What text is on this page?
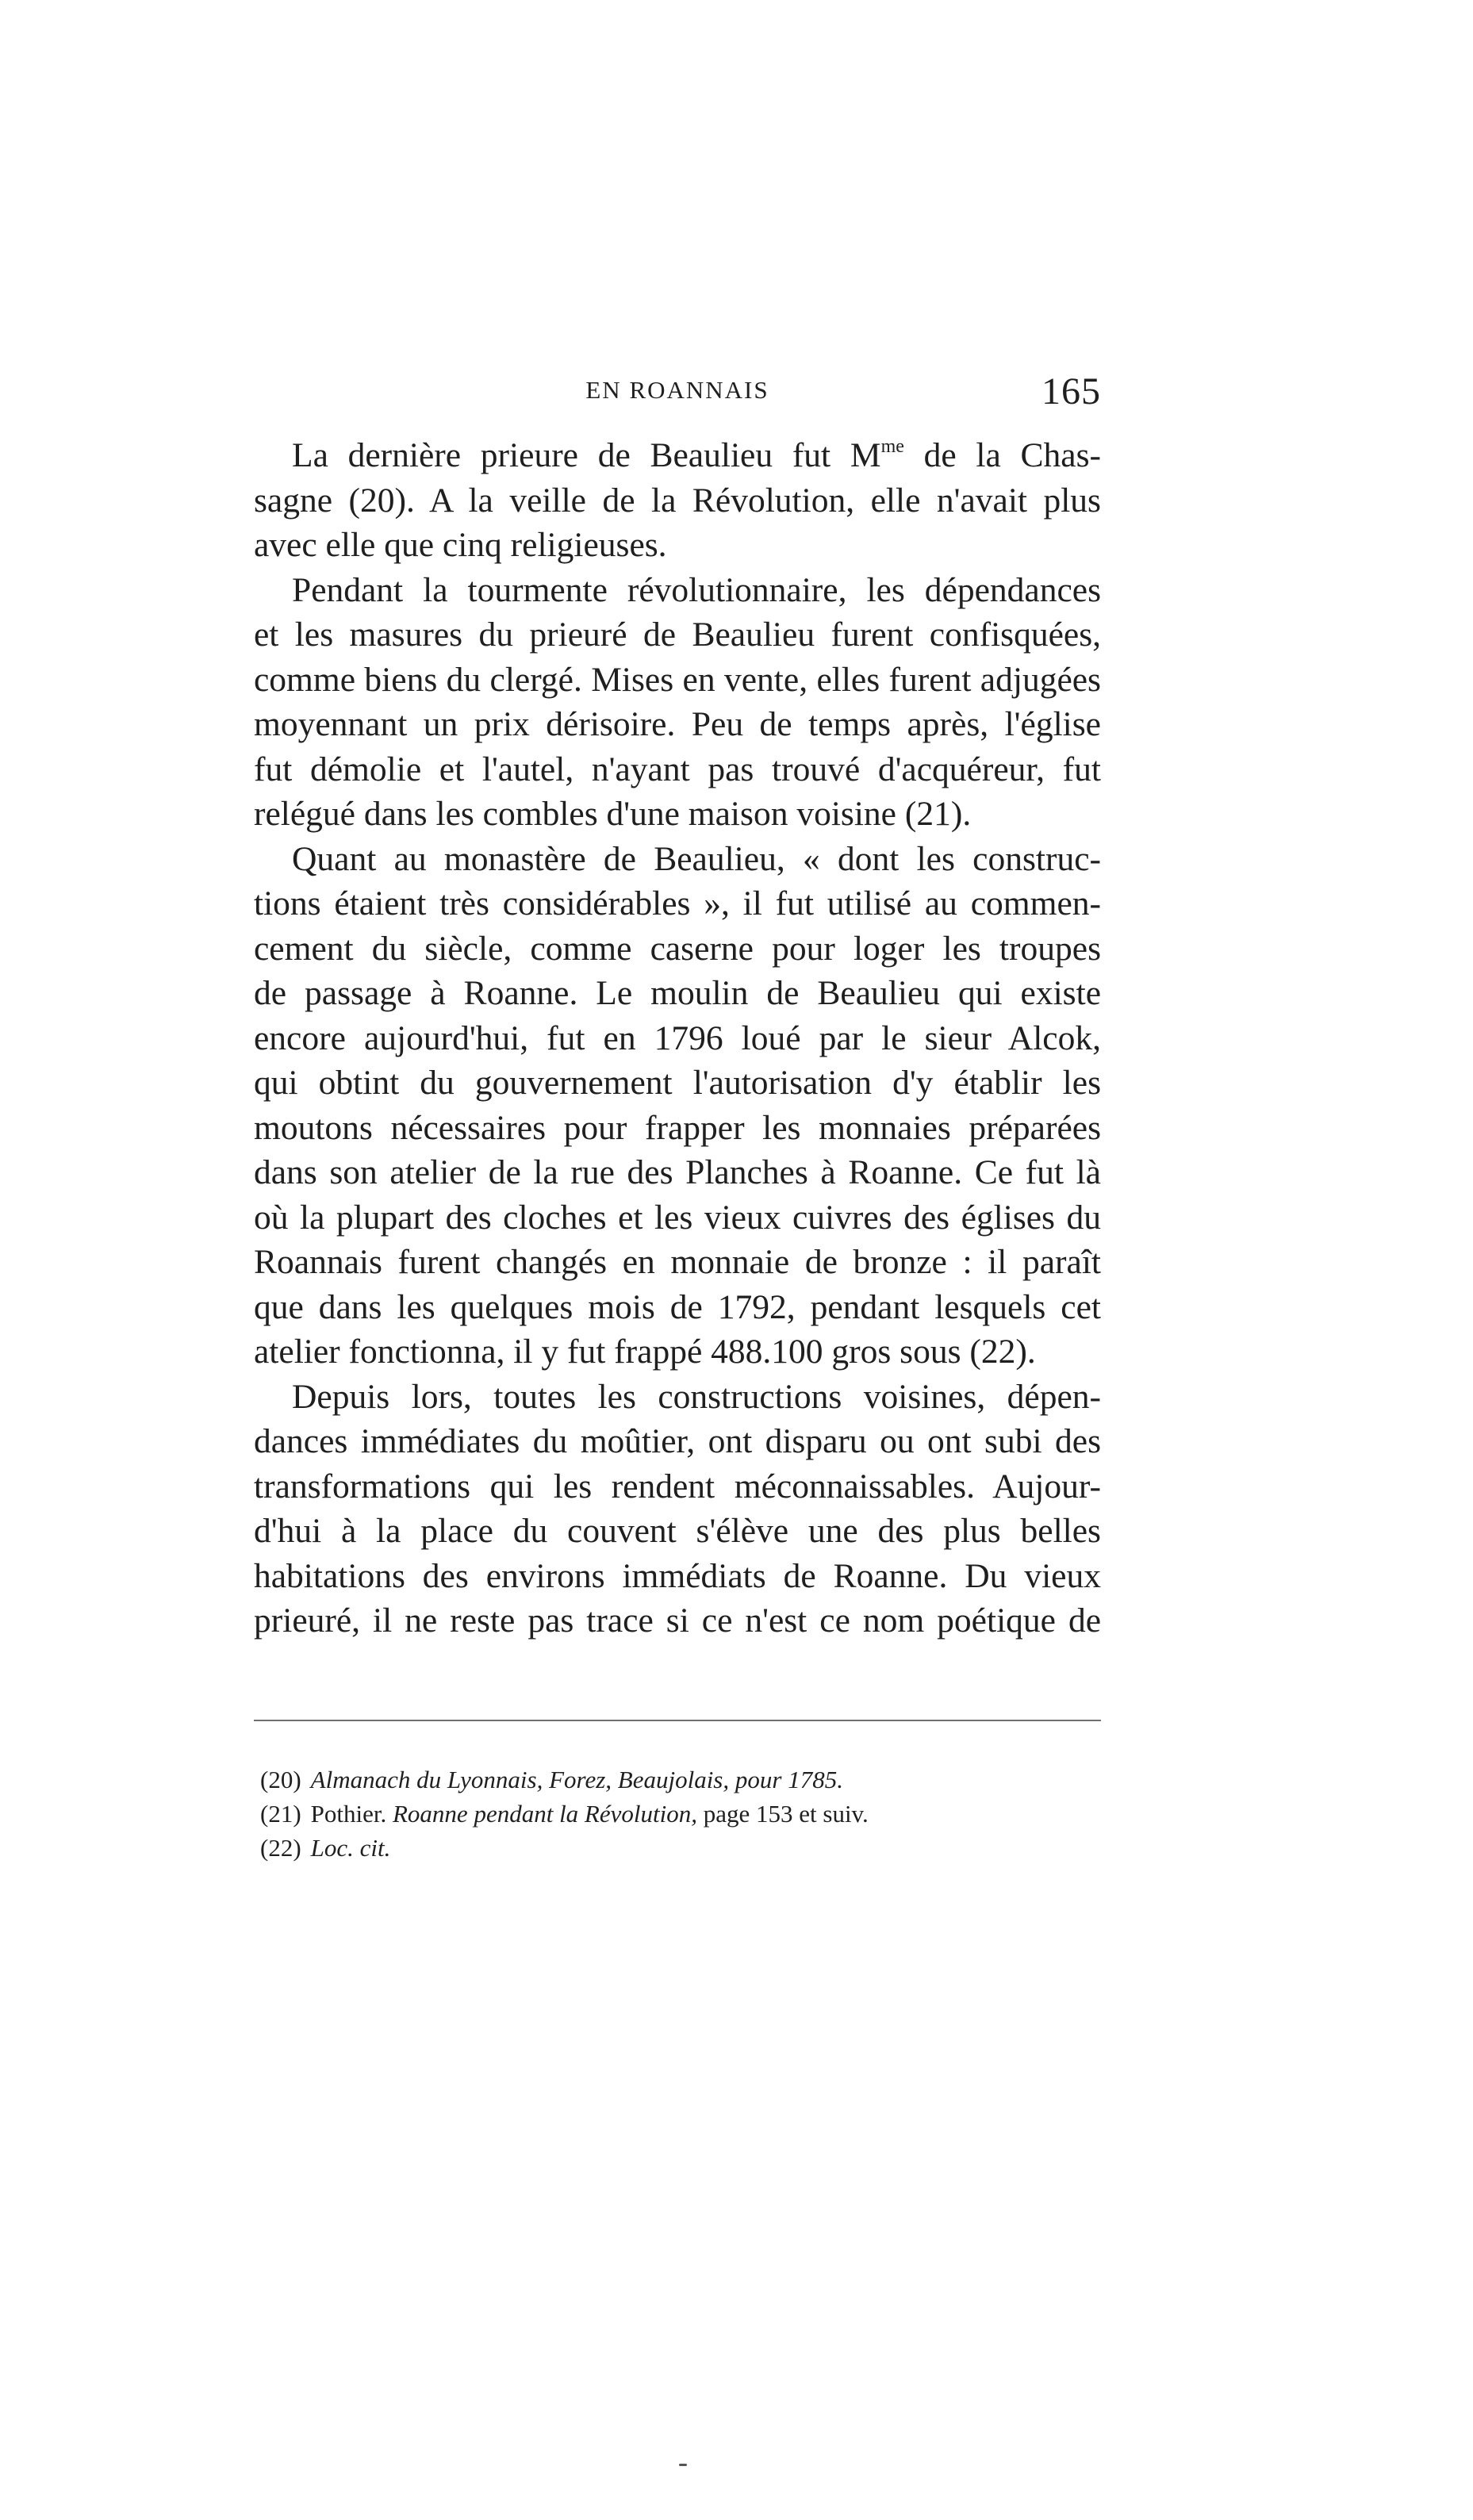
EN ROANNAIS	165
La dernière prieure de Beaulieu fut $M^{me}$ de la Chas-
sagne (20). A la veille de la Révolution, elle n'avait plus
avec elle que cinq religieuses.
Pendant la tourmente révolutionnaire, les dépendances
et les masures du prieuré de Beaulieu furent confisquées,
comme biens du clergé. Mises en vente, elles furent adjugées
moyennant un prix dérisoire. Peu de temps après, l'église
fut démolie et l'autel, n'ayant pas trouvé d'acquéreur, fut
relégué dans les combles d'une maison voisine (21).
Quant au monastère de Beaulieu, « dont les construc-
tions étaient très considérables », il fut utilisé au commen-
cement du siècle, comme caserne pour loger les troupes
de passage à Roanne. Le moulin de Beaulieu qui existe
encore aujourd'hui, fut en 1796 loué par le sieur Alcok,
qui obtint du gouvernement l'autorisation d'y établir les
moutons nécessaires pour frapper les monnaies préparées
dans son atelier de la rue des Planches à Roanne. Ce fut là
où la plupart des cloches et les vieux cuivres des églises du
Roannais furent changés en monnaie de bronze : il paraît
que dans les quelques mois de 1792, pendant lesquels cet
atelier fonctionna, il y fut frappé 488.100 gros sous (22).
Depuis lors, toutes les constructions voisines, dépen-
dances immédiates du moûtier, ont disparu ou ont subi des
transformations qui les rendent méconnaissables. Aujour-
d'hui à la place du couvent s'élève une des plus belles
habitations des environs immédiats de Roanne. Du vieux
prieuré, il ne reste pas trace si ce n'est ce nom poétique de
(20) Almanach du Lyonnais, Forez, Beaujolais, pour 1785.
(21) Pothier. Roanne pendant la Révolution, page 153 et suiv.
(22) Loc. cit.
